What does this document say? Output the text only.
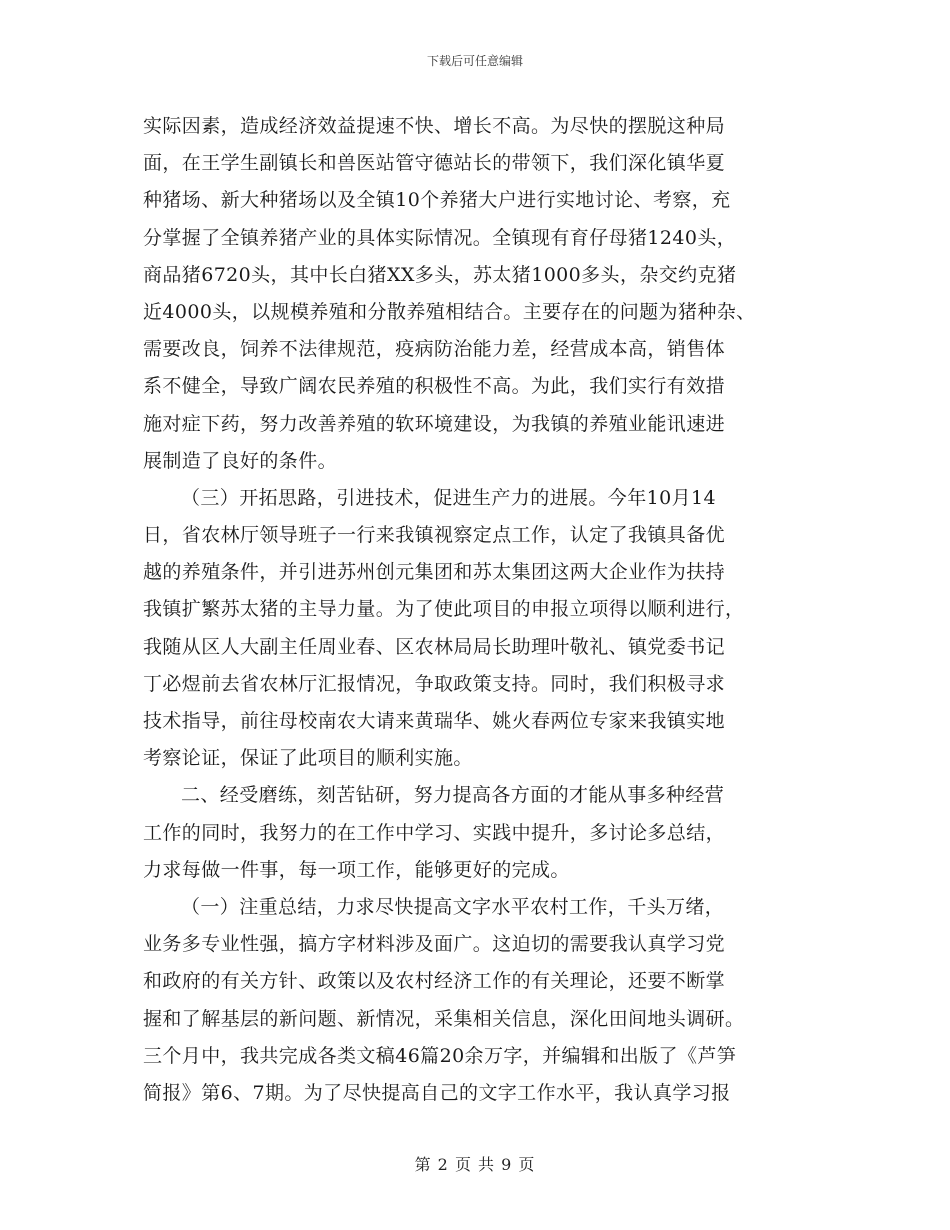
下载后可任意编辑
实际因素，造成经济效益提速不快、增长不高。为尽快的摆脱这种局
面，在王学生副镇长和兽医站管守德站长的带领下，我们深化镇华夏
种猪场、新大种猪场以及全镇10个养猪大户进行实地讨论、考察，充
分掌握了全镇养猪产业的具体实际情况。全镇现有育仔母猪1240头，
商品猪6720头，其中长白猪XX多头，苏太猪1000多头，杂交约克猪
近4000头，以规模养殖和分散养殖相结合。主要存在的问题为猪种杂、
需要改良，饲养不法律规范，疫病防治能力差，经营成本高，销售体
系不健全，导致广阔农民养殖的积极性不高。为此，我们实行有效措
施对症下药，努力改善养殖的软环境建设，为我镇的养殖业能讯速进
展制造了良好的条件。
（三）开拓思路，引进技术，促进生产力的进展。今年10月14
日，省农林厅领导班子一行来我镇视察定点工作，认定了我镇具备优
越的养殖条件，并引进苏州创元集团和苏太集团这两大企业作为扶持
我镇扩繁苏太猪的主导力量。为了使此项目的申报立项得以顺利进行，
我随从区人大副主任周业春、区农林局局长助理叶敬礼、镇党委书记
丁必煜前去省农林厅汇报情况，争取政策支持。同时，我们积极寻求
技术指导，前往母校南农大请来黄瑞华、姚火春两位专家来我镇实地
考察论证，保证了此项目的顺利实施。
二、经受磨练，刻苦钻研，努力提高各方面的才能从事多种经营
工作的同时，我努力的在工作中学习、实践中提升，多讨论多总结，
力求每做一件事，每一项工作，能够更好的完成。
（一）注重总结，力求尽快提高文字水平农村工作，千头万绪，
业务多专业性强，搞方字材料涉及面广。这迫切的需要我认真学习党
和政府的有关方针、政策以及农村经济工作的有关理论，还要不断掌
握和了解基层的新问题、新情况，采集相关信息，深化田间地头调研。
三个月中，我共完成各类文稿46篇20余万字，并编辑和出版了《芦笋
简报》第6、7期。为了尽快提高自己的文字工作水平，我认真学习报
第 2 页 共 9 页
